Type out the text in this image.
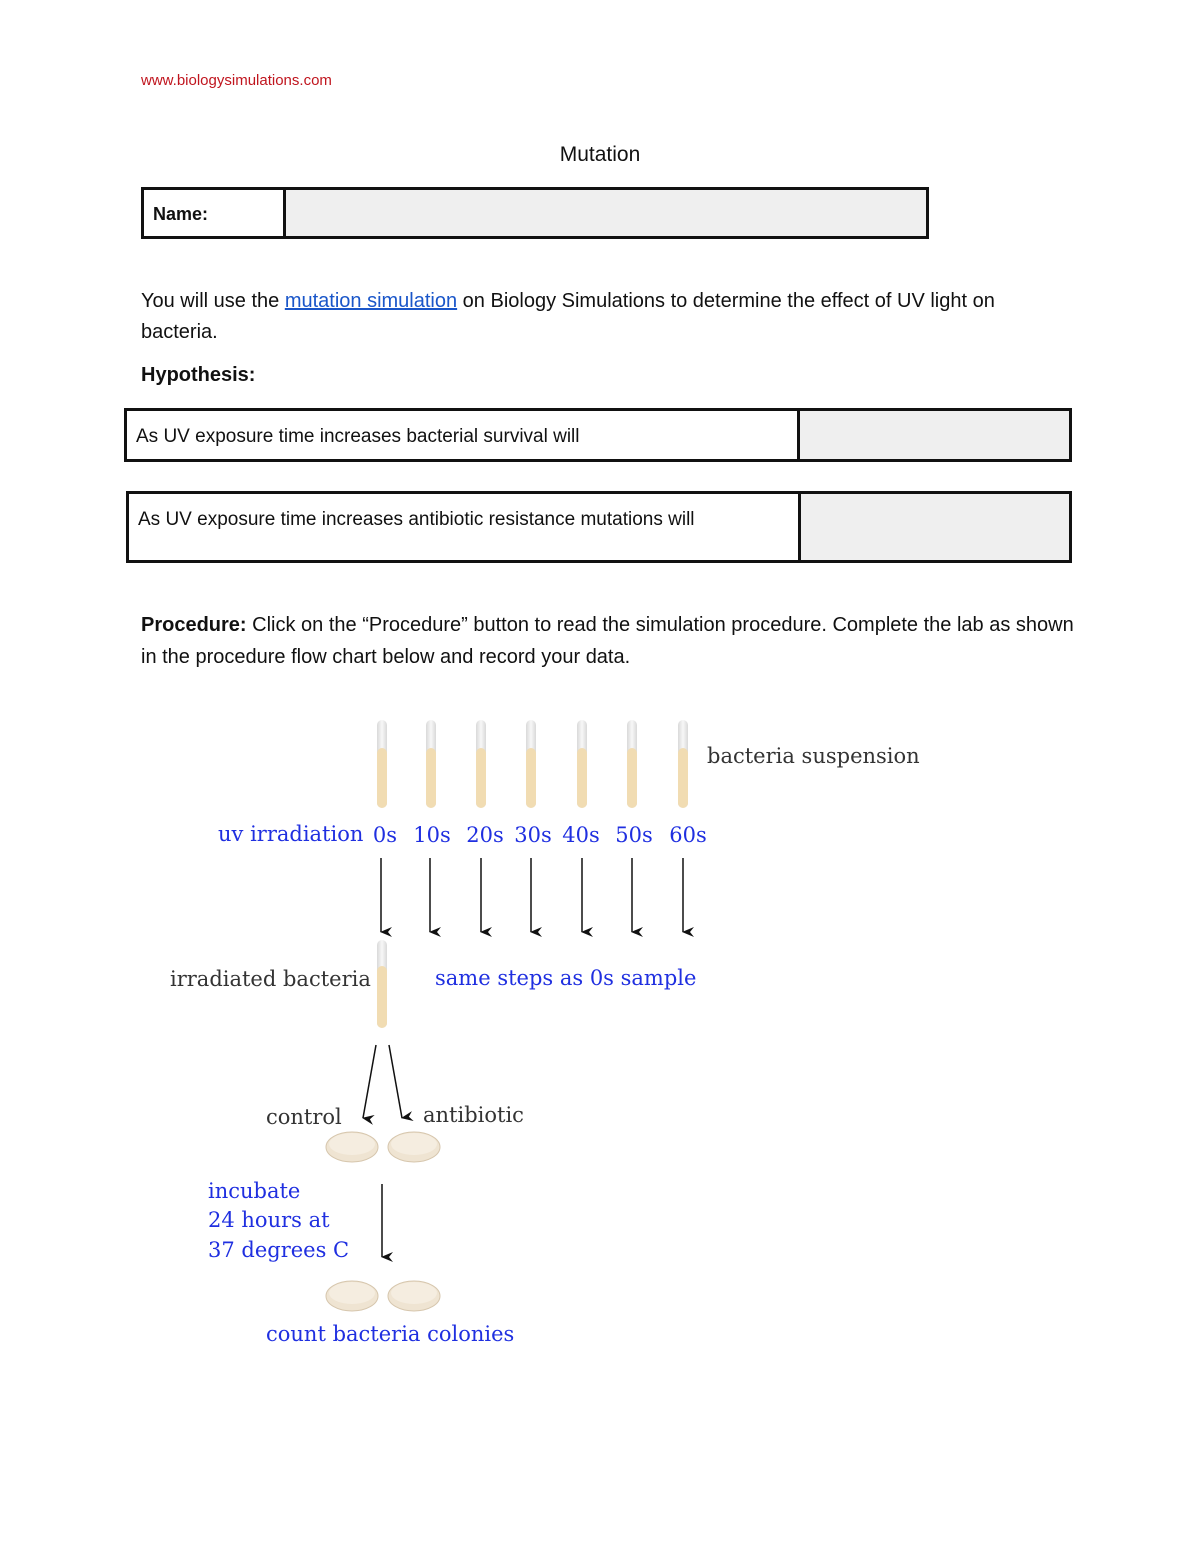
www.biologysimulations.com
Mutation
Name:
You will use the mutation simulation on Biology Simulations to determine the effect of UV light on bacteria.
Hypothesis:
As UV exposure time increases bacterial survival will
As UV exposure time increases antibiotic resistance mutations will
Procedure: Click on the “Procedure” button to read the simulation procedure. Complete the lab as shown in the procedure flow chart below and record your data.
bacteria suspension
uv irradiation 0s 10s 20s 30s 40s 50s 60s
irradiated bacteria	same steps as 0s sample
control	antibiotic
incubate
24 hours at
37 degrees C
count bacteria colonies
